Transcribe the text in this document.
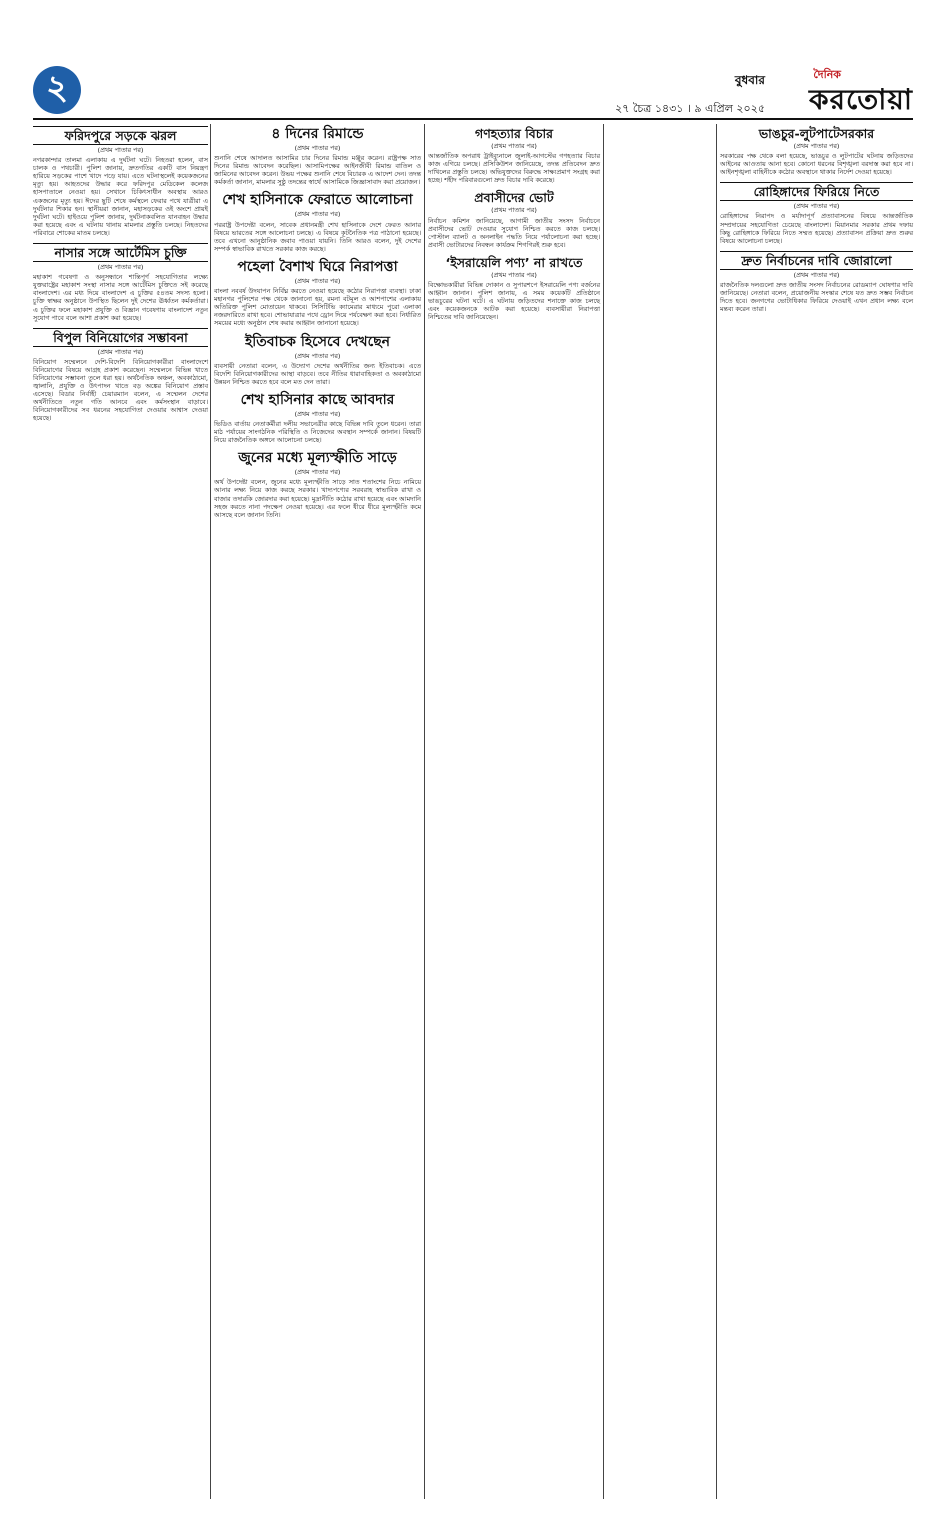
২	বুধবার
২৭ চৈত্র ১৪৩১ । ৯ এপ্রিল ২০২৫
দৈনিক
করতোয়া
ফরিদপুরে সড়কে ঝরল
(প্রথম পাতার পর)
নগরকান্দার তালমা এলাকায় এ দুর্ঘটনা ঘটে। নিহতরা হলেন, বাস চালক ও পথচারী। পুলিশ জানায়, দ্রুতগতির একটি বাস নিয়ন্ত্রণ হারিয়ে সড়কের পাশে খাদে পড়ে যায়। এতে ঘটনাস্থলেই কয়েকজনের মৃত্যু হয়। আহতদের উদ্ধার করে ফরিদপুর মেডিকেল কলেজ হাসপাতালে নেওয়া হয়। সেখানে চিকিৎসাধীন অবস্থায় আরও একজনের মৃত্যু হয়। ঈদের ছুটি শেষে কর্মস্থলে ফেরার পথে যাত্রীরা এ দুর্ঘটনার শিকার হন। স্থানীয়রা জানান, মহাসড়কের ওই অংশে প্রায়ই দুর্ঘটনা ঘটে। হাইওয়ে পুলিশ জানায়, দুর্ঘটনাকবলিত যানবাহন উদ্ধার করা হয়েছে এবং এ ঘটনায় থানায় মামলার প্রস্তুতি চলছে। নিহতদের পরিবারে শোকের মাতম চলছে।
নাসার সঙ্গে আর্টেমিস চুক্তি
(প্রথম পাতার পর)
মহাকাশ গবেষণা ও অনুসন্ধানে শান্তিপূর্ণ সহযোগিতার লক্ষ্যে যুক্তরাষ্ট্রের মহাকাশ সংস্থা নাসার সঙ্গে আর্টেমিস চুক্তিতে সই করেছে বাংলাদেশ। এর মধ্য দিয়ে বাংলাদেশ এ চুক্তির ৫৪তম সদস্য হলো। চুক্তি স্বাক্ষর অনুষ্ঠানে উপস্থিত ছিলেন দুই দেশের ঊর্ধ্বতন কর্মকর্তারা। এ চুক্তির ফলে মহাকাশ প্রযুক্তি ও বিজ্ঞান গবেষণায় বাংলাদেশ নতুন সুযোগ পাবে বলে আশা প্রকাশ করা হয়েছে।
বিপুল বিনিয়োগের সম্ভাবনা
(প্রথম পাতার পর)
বিনিয়োগ সম্মেলনে দেশি-বিদেশি বিনিয়োগকারীরা বাংলাদেশে বিনিয়োগের বিষয়ে আগ্রহ প্রকাশ করেছেন। সম্মেলনে বিভিন্ন খাতে বিনিয়োগের সম্ভাবনা তুলে ধরা হয়। অর্থনৈতিক অঞ্চল, অবকাঠামো, জ্বালানি, প্রযুক্তি ও উৎপাদন খাতে বড় অঙ্কের বিনিয়োগ প্রস্তাব এসেছে। বিডার নির্বাহী চেয়ারম্যান বলেন, এ সম্মেলন দেশের অর্থনীতিতে নতুন গতি আনবে এবং কর্মসংস্থান বাড়াবে। বিনিয়োগকারীদের সব ধরনের সহযোগিতা দেওয়ার আশ্বাস দেওয়া হয়েছে।
৪ দিনের রিমান্ডে
(প্রথম পাতার পর)
শুনানি শেষে আদালত আসামির চার দিনের রিমান্ড মঞ্জুর করেন। রাষ্ট্রপক্ষ সাত দিনের রিমান্ড আবেদন করেছিল। আসামিপক্ষের আইনজীবী রিমান্ড বাতিল ও জামিনের আবেদন করেন। উভয় পক্ষের শুনানি শেষে বিচারক এ আদেশ দেন। তদন্ত কর্মকর্তা জানান, মামলার সুষ্ঠু তদন্তের স্বার্থে আসামিকে জিজ্ঞাসাবাদ করা প্রয়োজন।
শেখ হাসিনাকে ফেরাতে আলোচনা
(প্রথম পাতার পর)
পররাষ্ট্র উপদেষ্টা বলেন, সাবেক প্রধানমন্ত্রী শেখ হাসিনাকে দেশে ফেরত আনার বিষয়ে ভারতের সঙ্গে আলোচনা চলছে। এ বিষয়ে কূটনৈতিক পত্র পাঠানো হয়েছে। তবে এখনো আনুষ্ঠানিক জবাব পাওয়া যায়নি। তিনি আরও বলেন, দুই দেশের সম্পর্ক স্বাভাবিক রাখতে সরকার কাজ করছে।
পহেলা বৈশাখ ঘিরে নিরাপত্তা
(প্রথম পাতার পর)
বাংলা নববর্ষ উদযাপন নির্বিঘ্ন করতে নেওয়া হয়েছে কঠোর নিরাপত্তা ব্যবস্থা। ঢাকা মহানগর পুলিশের পক্ষ থেকে জানানো হয়, রমনা বটমূল ও আশপাশের এলাকায় অতিরিক্ত পুলিশ মোতায়েন থাকবে। সিসিটিভি ক্যামেরার মাধ্যমে পুরো এলাকা নজরদারিতে রাখা হবে। শোভাযাত্রার পথে ড্রোন দিয়ে পর্যবেক্ষণ করা হবে। নির্ধারিত সময়ের মধ্যে অনুষ্ঠান শেষ করার আহ্বান জানানো হয়েছে।
ইতিবাচক হিসেবে দেখছেন
(প্রথম পাতার পর)
ব্যবসায়ী নেতারা বলেন, এ উদ্যোগ দেশের অর্থনীতির জন্য ইতিবাচক। এতে বিদেশি বিনিয়োগকারীদের আস্থা বাড়বে। তবে নীতির ধারাবাহিকতা ও অবকাঠামো উন্নয়ন নিশ্চিত করতে হবে বলে মত দেন তারা।
শেখ হাসিনার কাছে আবদার
(প্রথম পাতার পর)
ভিডিও বার্তায় নেতাকর্মীরা দলীয় সভানেত্রীর কাছে বিভিন্ন দাবি তুলে ধরেন। তারা মাঠ পর্যায়ের সাংগঠনিক পরিস্থিতি ও নিজেদের অবস্থান সম্পর্কে জানান। বিষয়টি নিয়ে রাজনৈতিক অঙ্গনে আলোচনা চলছে।
জুনের মধ্যে মূল্যস্ফীতি সাড়ে
(প্রথম পাতার পর)
অর্থ উপদেষ্টা বলেন, জুনের মধ্যে মূল্যস্ফীতি সাড়ে সাত শতাংশের নিচে নামিয়ে আনার লক্ষ্য নিয়ে কাজ করছে সরকার। খাদ্যপণ্যের সরবরাহ স্বাভাবিক রাখা ও বাজার তদারকি জোরদার করা হয়েছে। মুদ্রানীতি কঠোর রাখা হয়েছে এবং আমদানি সহজ করতে নানা পদক্ষেপ নেওয়া হয়েছে। এর ফলে ধীরে ধীরে মূল্যস্ফীতি কমে আসছে বলে জানান তিনি।
গণহত্যার বিচার
(প্রথম পাতার পর)
আন্তর্জাতিক অপরাধ ট্রাইব্যুনালে জুলাই-আগস্টের গণহত্যার বিচার কাজ এগিয়ে চলছে। প্রসিকিউশন জানিয়েছে, তদন্ত প্রতিবেদন দ্রুত দাখিলের প্রস্তুতি চলছে। অভিযুক্তদের বিরুদ্ধে সাক্ষ্যপ্রমাণ সংগ্রহ করা হচ্ছে। শহীদ পরিবারগুলো দ্রুত বিচার দাবি করেছে।
প্রবাসীদের ভোট
(প্রথম পাতার পর)
নির্বাচন কমিশন জানিয়েছে, আগামী জাতীয় সংসদ নির্বাচনে প্রবাসীদের ভোট দেওয়ার সুযোগ নিশ্চিত করতে কাজ চলছে। পোস্টাল ব্যালট ও অনলাইন পদ্ধতি নিয়ে পর্যালোচনা করা হচ্ছে। প্রবাসী ভোটারদের নিবন্ধন কার্যক্রম শিগগিরই শুরু হবে।
‘ইসরায়েলি পণ্য’ না রাখতে
(প্রথম পাতার পর)
বিক্ষোভকারীরা বিভিন্ন দোকান ও সুপারশপে ইসরায়েলি পণ্য বর্জনের আহ্বান জানান। পুলিশ জানায়, এ সময় কয়েকটি প্রতিষ্ঠানে ভাঙচুরের ঘটনা ঘটে। এ ঘটনায় জড়িতদের শনাক্তে কাজ চলছে এবং কয়েকজনকে আটক করা হয়েছে। ব্যবসায়ীরা নিরাপত্তা নিশ্চিতের দাবি জানিয়েছেন।
ভাঙচুর-লুটপাটেসরকার
(প্রথম পাতার পর)
সরকারের পক্ষ থেকে বলা হয়েছে, ভাঙচুর ও লুটপাটের ঘটনায় জড়িতদের আইনের আওতায় আনা হবে। কোনো ধরনের বিশৃঙ্খলা বরদাস্ত করা হবে না। আইনশৃঙ্খলা বাহিনীকে কঠোর অবস্থানে থাকার নির্দেশ দেওয়া হয়েছে।
রোহিঙ্গাদের ফিরিয়ে নিতে
(প্রথম পাতার পর)
রোহিঙ্গাদের নিরাপদ ও মর্যাদাপূর্ণ প্রত্যাবাসনের বিষয়ে আন্তর্জাতিক সম্প্রদায়ের সহযোগিতা চেয়েছে বাংলাদেশ। মিয়ানমার সরকার প্রথম দফায় কিছু রোহিঙ্গাকে ফিরিয়ে নিতে সম্মত হয়েছে। প্রত্যাবাসন প্রক্রিয়া দ্রুত শুরুর বিষয়ে আলোচনা চলছে।
দ্রুত নির্বাচনের দাবি জোরালো
(প্রথম পাতার পর)
রাজনৈতিক দলগুলো দ্রুত জাতীয় সংসদ নির্বাচনের রোডম্যাপ ঘোষণার দাবি জানিয়েছে। নেতারা বলেন, প্রয়োজনীয় সংস্কার শেষে যত দ্রুত সম্ভব নির্বাচন দিতে হবে। জনগণের ভোটাধিকার ফিরিয়ে দেওয়াই এখন প্রধান লক্ষ্য বলে মন্তব্য করেন তারা।
